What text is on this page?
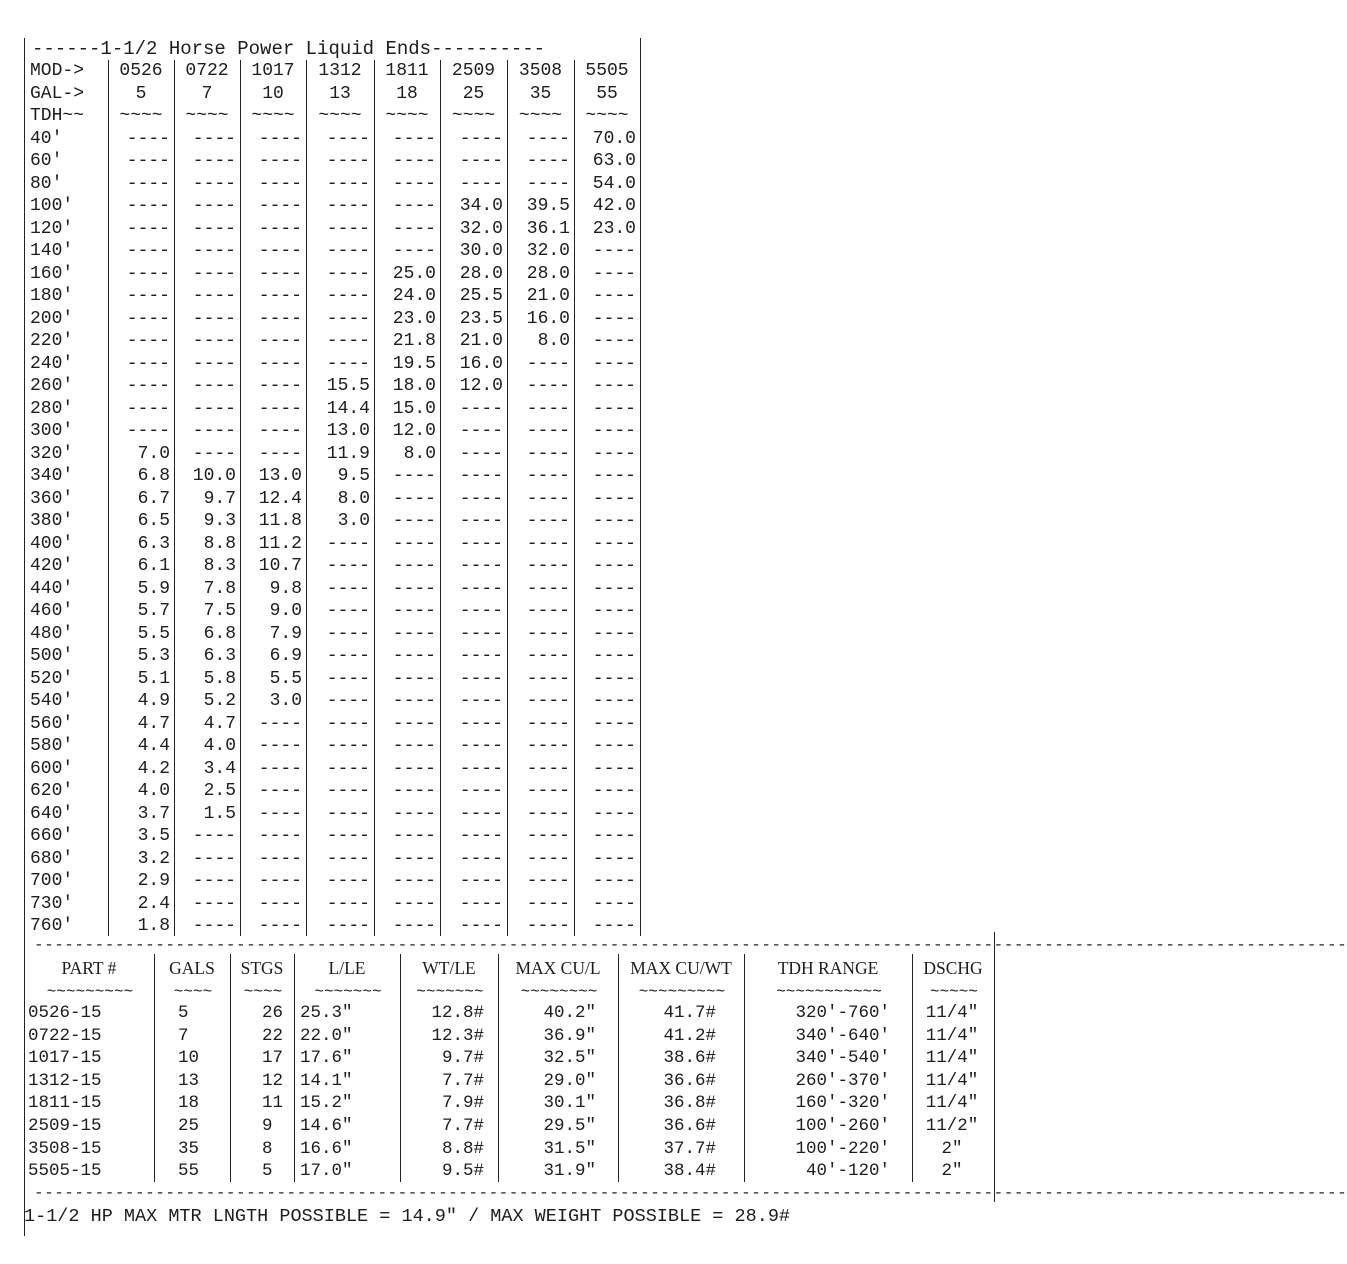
------1-1/2 Horse Power Liquid Ends----------
MOD->	0526	0722	1017	1312	1811	2509	3508	5505
GAL->	5	7	10	13	18	25	35	55
TDH~~	~~~~	~~~~	~~~~	~~~~	~~~~	~~~~	~~~~	~~~~
40'	----	----	----	----	----	----	----	70.0
60'	----	----	----	----	----	----	----	63.0
80'	----	----	----	----	----	----	----	54.0
100'	----	----	----	----	----	34.0	39.5	42.0
120'	----	----	----	----	----	32.0	36.1	23.0
140'	----	----	----	----	----	30.0	32.0	----
160'	----	----	----	----	25.0	28.0	28.0	----
180'	----	----	----	----	24.0	25.5	21.0	----
200'	----	----	----	----	23.0	23.5	16.0	----
220'	----	----	----	----	21.8	21.0	8.0	----
240'	----	----	----	----	19.5	16.0	----	----
260'	----	----	----	15.5	18.0	12.0	----	----
280'	----	----	----	14.4	15.0	----	----	----
300'	----	----	----	13.0	12.0	----	----	----
320'	7.0	----	----	11.9	8.0	----	----	----
340'	6.8	10.0	13.0	9.5	----	----	----	----
360'	6.7	9.7	12.4	8.0	----	----	----	----
380'	6.5	9.3	11.8	3.0	----	----	----	----
400'	6.3	8.8	11.2	----	----	----	----	----
420'	6.1	8.3	10.7	----	----	----	----	----
440'	5.9	7.8	9.8	----	----	----	----	----
460'	5.7	7.5	9.0	----	----	----	----	----
480'	5.5	6.8	7.9	----	----	----	----	----
500'	5.3	6.3	6.9	----	----	----	----	----
520'	5.1	5.8	5.5	----	----	----	----	----
540'	4.9	5.2	3.0	----	----	----	----	----
560'	4.7	4.7	----	----	----	----	----	----
580'	4.4	4.0	----	----	----	----	----	----
600'	4.2	3.4	----	----	----	----	----	----
620'	4.0	2.5	----	----	----	----	----	----
640'	3.7	1.5	----	----	----	----	----	----
660'	3.5	----	----	----	----	----	----	----
680'	3.2	----	----	----	----	----	----	----
700'	2.9	----	----	----	----	----	----	----
730'	2.4	----	----	----	----	----	----	----
760'	1.8	----	----	----	----	----	----	----
----------------------------------------------------------------------------------------------------------------------------------
----------------------------------------------------------------------------------------------------------------------------------
PART #	GALS	STGS	L/LE	WT/LE	MAX CU/L	MAX CU/WT	TDH RANGE	DSCHG
~~~~~~~~~	~~~~	~~~~	~~~~~~~	~~~~~~~	~~~~~~~~	~~~~~~~~~	~~~~~~~~~~~	~~~~~
0526-15	5	26 25.3"	12.8#	40.2"	41.7#	320'-760'	11/4"
0722-15	7	22 22.0"	12.3#	36.9"	41.2#	340'-640'	11/4"
1017-15	10	17 17.6"	9.7#	32.5"	38.6#	340'-540'	11/4"
1312-15	13	12 14.1"	7.7#	29.0"	36.6#	260'-370'	11/4"
1811-15	18	11 15.2"	7.9#	30.1"	36.8#	160'-320'	11/4"
2509-15	25	9	14.6"	7.7#	29.5"	36.6#	100'-260'	11/2"
3508-15	35	8	16.6"	8.8#	31.5"	37.7#	100'-220'	2"
5505-15	55	5	17.0"	9.5#	31.9"	38.4#	40'-120'	2"
1-1/2 HP MAX MTR LNGTH POSSIBLE = 14.9" / MAX WEIGHT POSSIBLE = 28.9#
